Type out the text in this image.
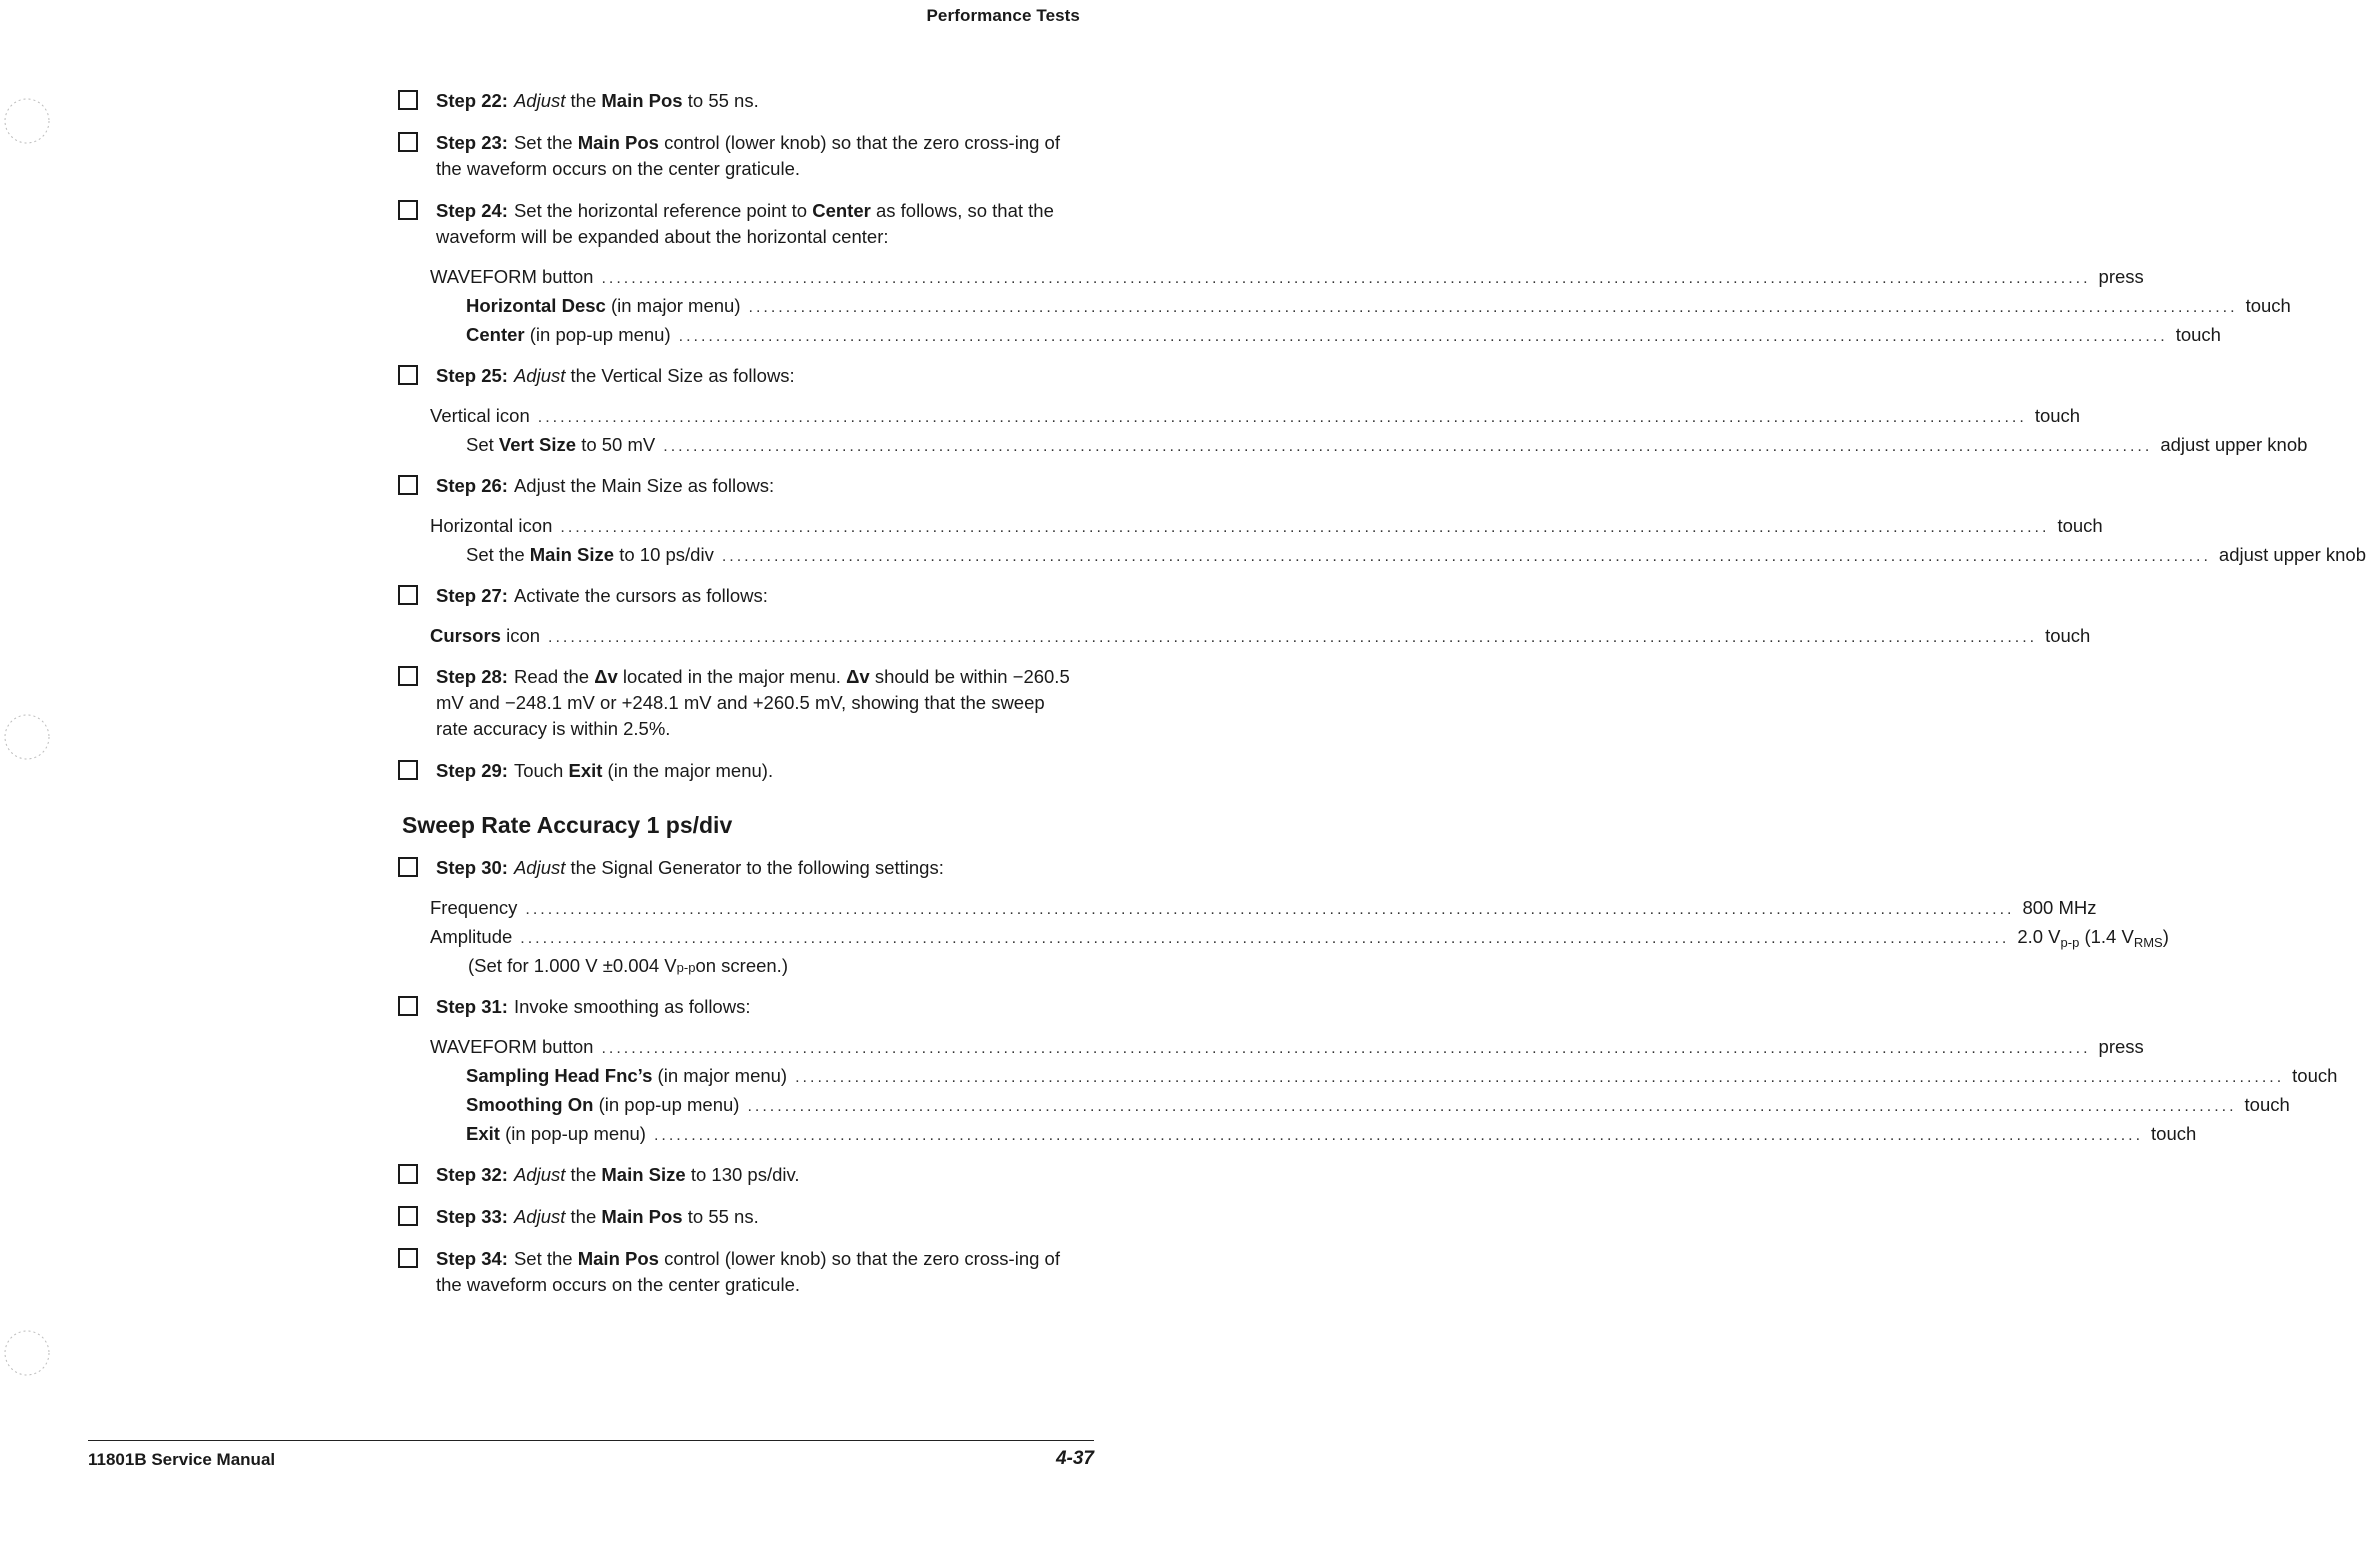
Performance Tests
Step 22: Adjust the Main Pos to 55 ns.
Step 23: Set the Main Pos control (lower knob) so that the zero cross-ing of the waveform occurs on the center graticule.
Step 24: Set the horizontal reference point to Center as follows, so that the waveform will be expanded about the horizontal center:
WAVEFORM button ........................................................................................................................................................................................................ press
Horizontal Desc (in major menu) ........................................................................................................................................................................................................ touch
Center (in pop-up menu) ........................................................................................................................................................................................................ touch
Step 25: Adjust the Vertical Size as follows:
Vertical icon ........................................................................................................................................................................................................ touch
Set Vert Size to 50 mV ........................................................................................................................................................................................................ adjust upper knob
Step 26: Adjust the Main Size as follows:
Horizontal icon ........................................................................................................................................................................................................ touch
Set the Main Size to 10 ps/div ........................................................................................................................................................................................................ adjust upper knob
Step 27: Activate the cursors as follows:
Cursors icon ........................................................................................................................................................................................................ touch
Step 28: Read the Δv located in the major menu. Δv should be within −260.5 mV and −248.1 mV or +248.1 mV and +260.5 mV, showing that the sweep rate accuracy is within 2.5%.
Step 29: Touch Exit (in the major menu).
Sweep Rate Accuracy 1 ps/div
Step 30: Adjust the Signal Generator to the following settings:
Frequency ........................................................................................................................................................................................................ 800 MHz
Amplitude ........................................................................................................................................................................................................ 2.0 $V_{p-p}$ (1.4 $V_{RMS}$)
(Set for 1.000 V ±0.004 V p-p on screen.)
Step 31: Invoke smoothing as follows:
WAVEFORM button ........................................................................................................................................................................................................ press
Sampling Head Fnc’s (in major menu) ........................................................................................................................................................................................................ touch
Smoothing On (in pop-up menu) ........................................................................................................................................................................................................ touch
Exit (in pop-up menu) ........................................................................................................................................................................................................ touch
Step 32: Adjust the Main Size to 130 ps/div.
Step 33: Adjust the Main Pos to 55 ns.
Step 34: Set the Main Pos control (lower knob) so that the zero cross-ing of the waveform occurs on the center graticule.
11801B Service Manual	4-37
